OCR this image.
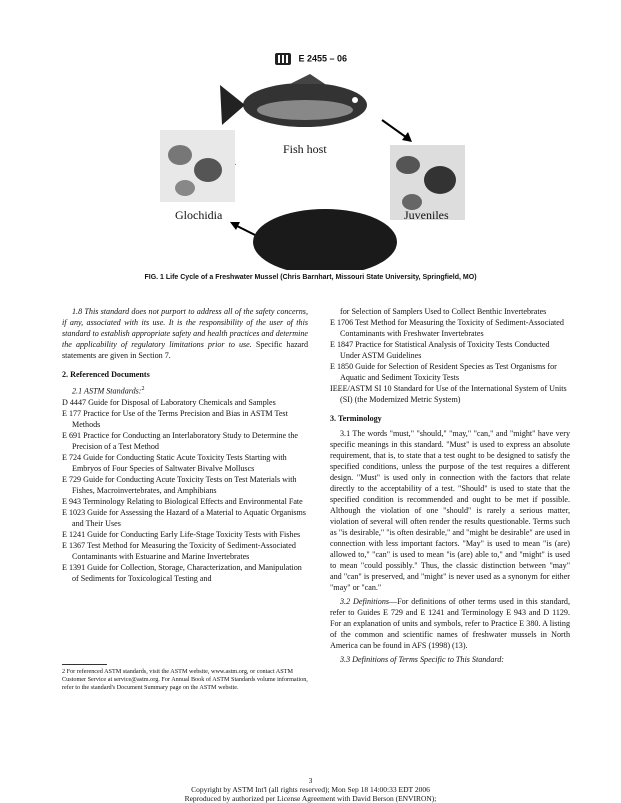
E 2455 – 06
Fish host
Glochidia	Juveniles
FIG. 1 Life Cycle of a Freshwater Mussel (Chris Barnhart, Missouri State University, Springfield, MO)

1.8 This standard does not purport to address all of the safety concerns, if any, associated with its use. It is the responsibility of the user of this standard to establish appropriate safety and health practices and determine the applicability of regulatory limitations prior to use. Specific hazard statements are given in Section 7.

2. Referenced Documents

2.1 ASTM Standards:$^2$

D 4447 Guide for Disposal of Laboratory Chemicals and Samples

E 177 Practice for Use of the Terms Precision and Bias in ASTM Test Methods

E 691 Practice for Conducting an Interlaboratory Study to Determine the Precision of a Test Method

E 724 Guide for Conducting Static Acute Toxicity Tests Starting with Embryos of Four Species of Saltwater Bivalve Molluscs

E 729 Guide for Conducting Acute Toxicity Tests on Test Materials with Fishes, Macroinvertebrates, and Amphibians

E 943 Terminology Relating to Biological Effects and Environmental Fate

E 1023 Guide for Assessing the Hazard of a Material to Aquatic Organisms and Their Uses

E 1241 Guide for Conducting Early Life-Stage Toxicity Tests with Fishes

E 1367 Test Method for Measuring the Toxicity of Sediment-Associated Contaminants with Estuarine and Marine Invertebrates

E 1391 Guide for Collection, Storage, Characterization, and Manipulation of Sediments for Toxicological Testing and

2 For referenced ASTM standards, visit the ASTM website, www.astm.org, or contact ASTM Customer Service at service@astm.org. For Annual Book of ASTM Standards volume information, refer to the standard's Document Summary page on the ASTM website.

for Selection of Samplers Used to Collect Benthic Invertebrates

E 1706 Test Method for Measuring the Toxicity of Sediment-Associated Contaminants with Freshwater Invertebrates

E 1847 Practice for Statistical Analysis of Toxicity Tests Conducted Under ASTM Guidelines

E 1850 Guide for Selection of Resident Species as Test Organisms for Aquatic and Sediment Toxicity Tests

IEEE/ASTM SI 10 Standard for Use of the International System of Units (SI) (the Modernized Metric System)

3. Terminology

3.1 The words "must," "should," "may," "can," and "might" have very specific meanings in this standard. "Must" is used to express an absolute requirement, that is, to state that a test ought to be designed to satisfy the specified conditions, unless the purpose of the test requires a different design. "Must" is used only in connection with the factors that relate directly to the acceptability of a test. "Should" is used to state that the specified condition is recommended and ought to be met if possible. Although the violation of one "should" is rarely a serious matter, violation of several will often render the results questionable. Terms such as "is desirable," "is often desirable," and "might be desirable" are used in connection with less important factors. "May" is used to mean "is (are) allowed to," "can" is used to mean "is (are) able to," and "might" is used to mean "could possibly." Thus, the classic distinction between "may" and "can" is preserved, and "might" is never used as a synonym for either "may" or "can."

3.2 Definitions—For definitions of other terms used in this standard, refer to Guides E 729 and E 1241 and Terminology E 943 and D 1129. For an explanation of units and symbols, refer to Practice E 380. A listing of the common and scientific names of freshwater mussels in North America can be found in AFS (1998) (13).

3.3 Definitions of Terms Specific to This Standard:

3
Copyright by ASTM Int'l (all rights reserved); Mon Sep 18 14:00:33 EDT 2006
Reproduced by authorized per License Agreement with David Berson (ENVIRON);
